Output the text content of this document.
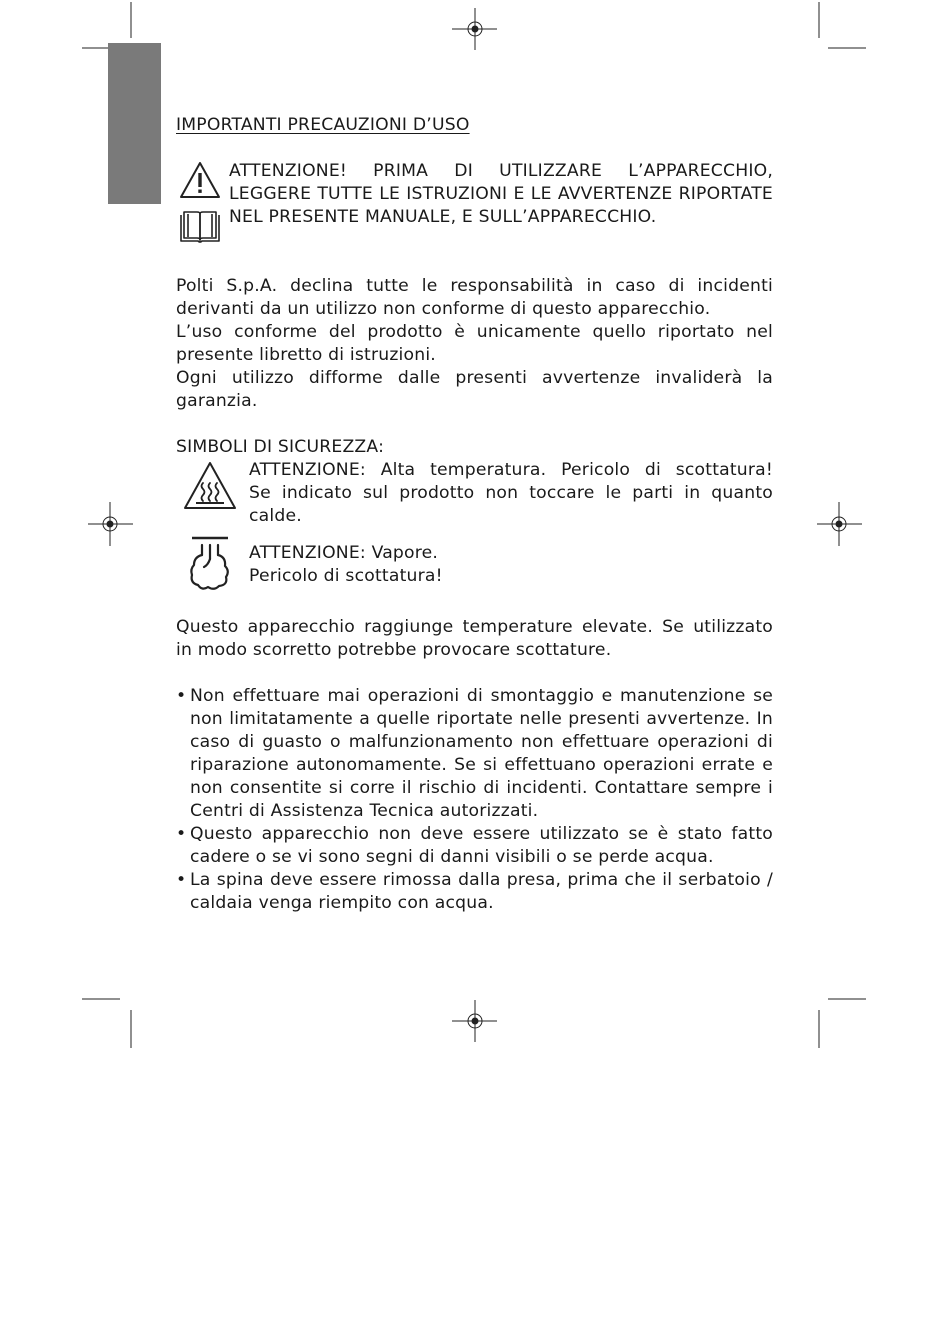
IMPORTANTI PRECAUZIONI D’USO

ATTENZIONE! PRIMA DI UTILIZZARE L’APPARECCHIO, LEGGERE TUTTE LE ISTRUZIONI E LE AVVERTENZE RIPORTATE NEL PRESENTE MANUALE, E SULL’APPARECCHIO.
Polti S.p.A. declina tutte le responsabilità in caso di incidenti
derivanti da un utilizzo non conforme di questo apparecchio.
L’uso conforme del prodotto è unicamente quello riportato nel
presente libretto di istruzioni.
Ogni utilizzo difforme dalle presenti avvertenze invaliderà la
garanzia.

SIMBOLI DI SICUREZZA:

ATTENZIONE: Alta temperatura. Pericolo di scottatura!
Se indicato sul prodotto non toccare le parti in quanto
calde.
ATTENZIONE: Vapore.
Pericolo di scottatura!

Questo apparecchio raggiunge temperature elevate. Se utilizzato in modo scorretto potrebbe provocare scottature.

• Non effettuare mai operazioni di smontaggio e manutenzione se non limitatamente a quelle riportate nelle presenti avvertenze. In caso di guasto o malfunzionamento non effettuare operazioni di riparazione autonomamente. Se si effettuano operazioni errate e non consentite si corre il rischio di incidenti. Contattare sempre i Centri di Assistenza Tecnica autorizzati.
• Questo apparecchio non deve essere utilizzato se è stato fatto cadere o se vi sono segni di danni visibili o se perde acqua.
• La spina deve essere rimossa dalla presa, prima che il serbatoio / caldaia venga riempito con acqua.
